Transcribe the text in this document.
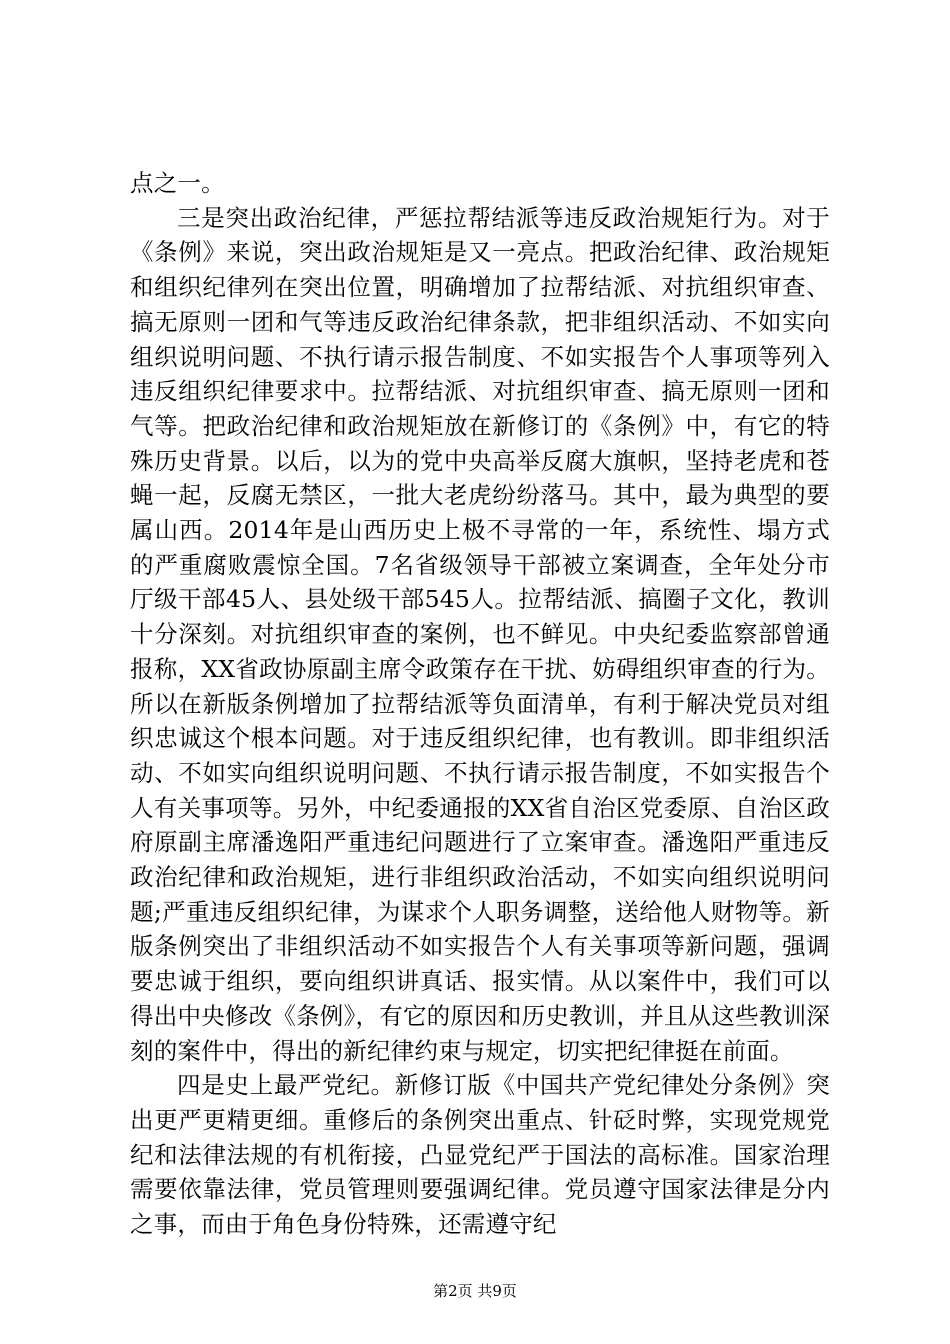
点之一。

三是突出政治纪律，严惩拉帮结派等违反政治规矩行为。对于《条例》来说，突出政治规矩是又一亮点。把政治纪律、政治规矩和组织纪律列在突出位置，明确增加了拉帮结派、对抗组织审查、搞无原则一团和气等违反政治纪律条款，把非组织活动、不如实向组织说明问题、不执行请示报告制度、不如实报告个人事项等列入违反组织纪律要求中。拉帮结派、对抗组织审查、搞无原则一团和气等。把政治纪律和政治规矩放在新修订的《条例》中，有它的特殊历史背景。以后，以为的党中央高举反腐大旗帜，坚持老虎和苍蝇一起，反腐无禁区，一批大老虎纷纷落马。其中，最为典型的要属山西。2014年是山西历史上极不寻常的一年，系统性、塌方式的严重腐败震惊全国。7名省级领导干部被立案调查，全年处分市厅级干部45人、县处级干部545人。拉帮结派、搞圈子文化，教训十分深刻。对抗组织审查的案例，也不鲜见。中央纪委监察部曾通报称，XX省政协原副主席令政策存在干扰、妨碍组织审查的行为。所以在新版条例增加了拉帮结派等负面清单，有利于解决党员对组织忠诚这个根本问题。对于违反组织纪律，也有教训。即非组织活动、不如实向组织说明问题、不执行请示报告制度，不如实报告个人有关事项等。另外，中纪委通报的XX省自治区党委原、自治区政府原副主席潘逸阳严重违纪问题进行了立案审查。潘逸阳严重违反政治纪律和政治规矩，进行非组织政治活动，不如实向组织说明问题;严重违反组织纪律，为谋求个人职务调整，送给他人财物等。新版条例突出了非组织活动不如实报告个人有关事项等新问题，强调要忠诚于组织，要向组织讲真话、报实情。从以案件中，我们可以得出中央修改《条例》，有它的原因和历史教训，并且从这些教训深刻的案件中，得出的新纪律约束与规定，切实把纪律挺在前面。

四是史上最严党纪。新修订版《中国共产党纪律处分条例》突出更严更精更细。重修后的条例突出重点、针砭时弊，实现党规党纪和法律法规的有机衔接，凸显党纪严于国法的高标准。国家治理需要依靠法律，党员管理则要强调纪律。党员遵守国家法律是分内之事，而由于角色身份特殊，还需遵守纪

第2页 共9页
